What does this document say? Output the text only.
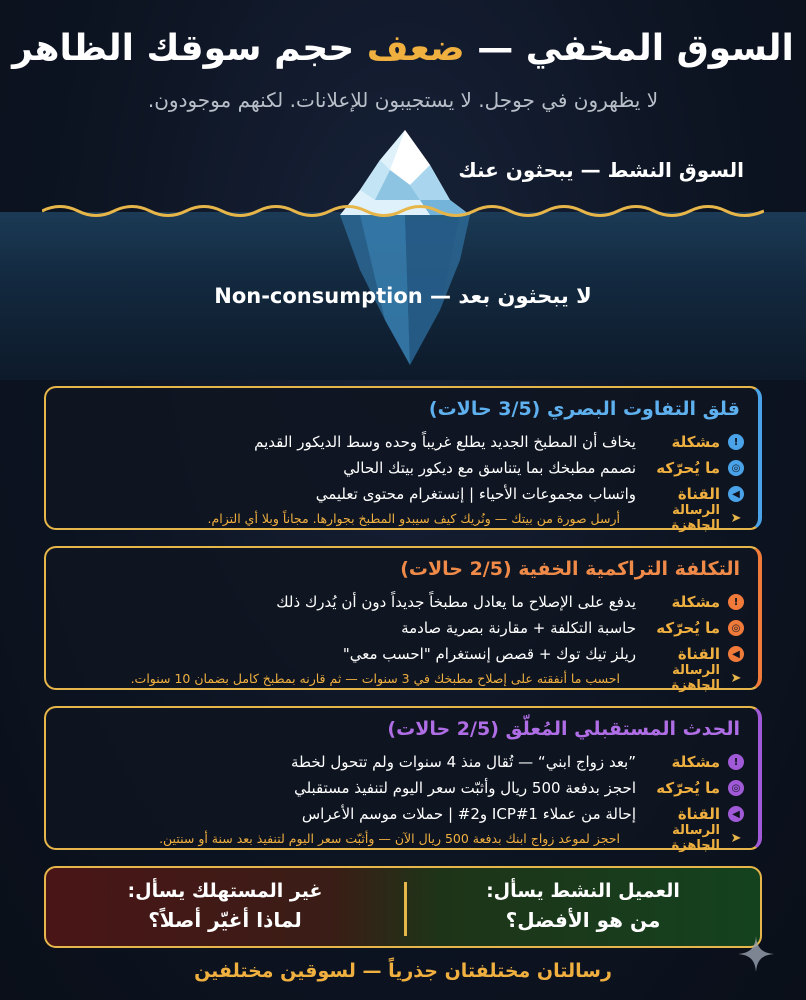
السوق المخفي — ضعف حجم سوقك الظاهر
لا يظهرون في جوجل. لا يستجيبون للإعلانات. لكنهم موجودون.
السوق النشط — يبحثون عنك
لا يبحثون بعد — Non-consumption
قلق التفاوت البصري (3/5 حالات)
!
مشكلة
يخاف أن المطبخ الجديد يطلع غريباً وحده وسط الديكور القديم
◎
ما يُحرّكه
نصمم مطبخك بما يتناسق مع ديكور بيتك الحالي
◀
القناة
واتساب مجموعات الأحياء | إنستغرام محتوى تعليمي
➤
الرسالة الجاهزة
أرسل صورة من بيتك — ونُريك كيف سيبدو المطبخ بجوارها. مجاناً وبلا أي التزام.
التكلفة التراكمية الخفية (2/5 حالات)
!
مشكلة
يدفع على الإصلاح ما يعادل مطبخاً جديداً دون أن يُدرك ذلك
◎
ما يُحرّكه
حاسبة التكلفة + مقارنة بصرية صادمة
◀
القناة
ريلز تيك توك + قصص إنستغرام "احسب معي"
➤
الرسالة الجاهزة
احسب ما أنفقته على إصلاح مطبخك في 3 سنوات — ثم قارنه بمطبخ كامل بضمان 10 سنوات.
الحدث المستقبلي المُعلّق (2/5 حالات)
!
مشكلة
”بعد زواج ابني“ — تُقال منذ 4 سنوات ولم تتحول لخطة
◎
ما يُحرّكه
احجز بدفعة 500 ريال وأثبّت سعر اليوم لتنفيذ مستقبلي
◀
القناة
إحالة من عملاء ICP#1 و2# | حملات موسم الأعراس
➤
الرسالة الجاهزة
احجز لموعد زواج ابنك بدفعة 500 ريال الآن — وأثبّت سعر اليوم لتنفيذ بعد سنة أو سنتين.
العميل النشط يسأل:
من هو الأفضل؟
غير المستهلك يسأل:
لماذا أغيّر أصلاً؟
رسالتان مختلفتان جذرياً — لسوقين مختلفين
